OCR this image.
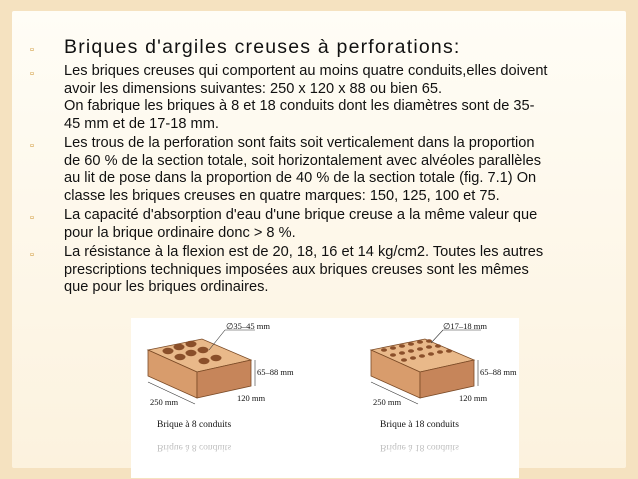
▫ Briques d'argiles creuses à perforations:
▫ Les briques creuses qui comportent au moins quatre conduits,elles doivent
avoir les dimensions suivantes: 250 x 120 x 88 ou bien 65.
On fabrique les briques à 8 et 18 conduits dont les diamètres sont de 35-
45 mm et de 17-18 mm.
▫ Les trous de la perforation sont faits soit verticalement dans la proportion
de 60 % de la section totale, soit horizontalement avec alvéoles parallèles
au lit de pose dans la proportion de 40 % de la section totale (fig. 7.1) On
classe les briques creuses en quatre marques: 150, 125, 100 et 75.
▫ La capacité d'absorption d'eau d'une brique creuse a la même valeur que
pour la brique ordinaire donc > 8 %.
▫ La résistance à la flexion est de 20, 18, 16 et 14 kg/cm2. Toutes les autres
prescriptions techniques imposées aux briques creuses sont les mêmes
que pour les briques ordinaires.
∅35–45 mm
65–88 mm
250 mm	120 mm
Brique à 8 conduits
Brique à 8 conduits
∅17–18 mm
65–88 mm
250 mm	120 mm
Brique à 18 conduits
Brique à 18 conduits
